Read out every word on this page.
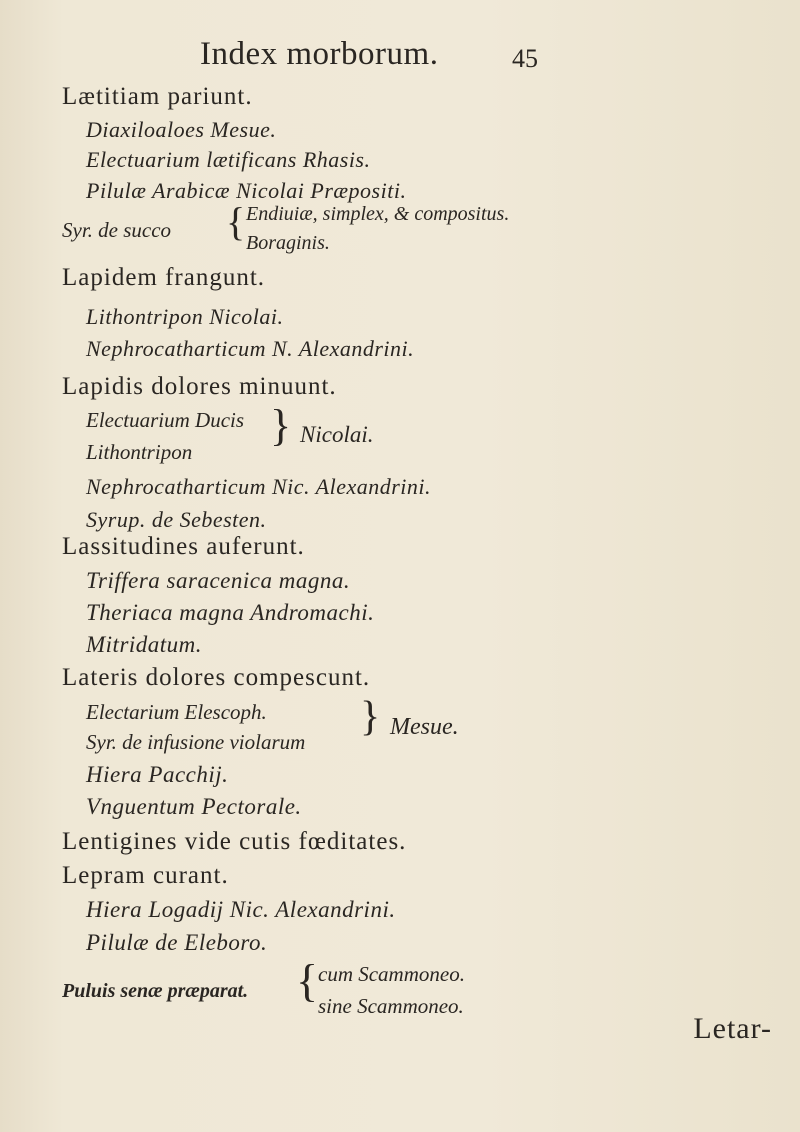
Index morborum.	45
Lætitiam pariunt.
Diaxiloaloes Mesue.
Electuarium lætificans Rhasis.
Pilulæ Arabicæ Nicolai Præpositi.
Syr. de succo { Endiuiæ, simplex, & compositus.
Boraginis.
Lapidem frangunt.
Lithontripon Nicolai.
Nephrocatharticum N. Alexandrini.
Lapidis dolores minuunt.
Electuarium Ducis
Lithontripon
} Nicolai.
Nephrocatharticum Nic. Alexandrini.
Syrup. de Sebesten.
Lassitudines auferunt.
Triffera saracenica magna.
Theriaca magna Andromachi.
Mitridatum.
Lateris dolores compescunt.
Electarium Elescoph.
Syr. de infusione violarum
} Mesue.
Hiera Pacchij.
Vnguentum Pectorale.
Lentigines vide cutis fœditates.
Lepram curant.
Hiera Logadij Nic. Alexandrini.
Pilulæ de Eleboro.
Puluis senæ præparat. { cum Scammoneo.
sine Scammoneo.
Letar-
